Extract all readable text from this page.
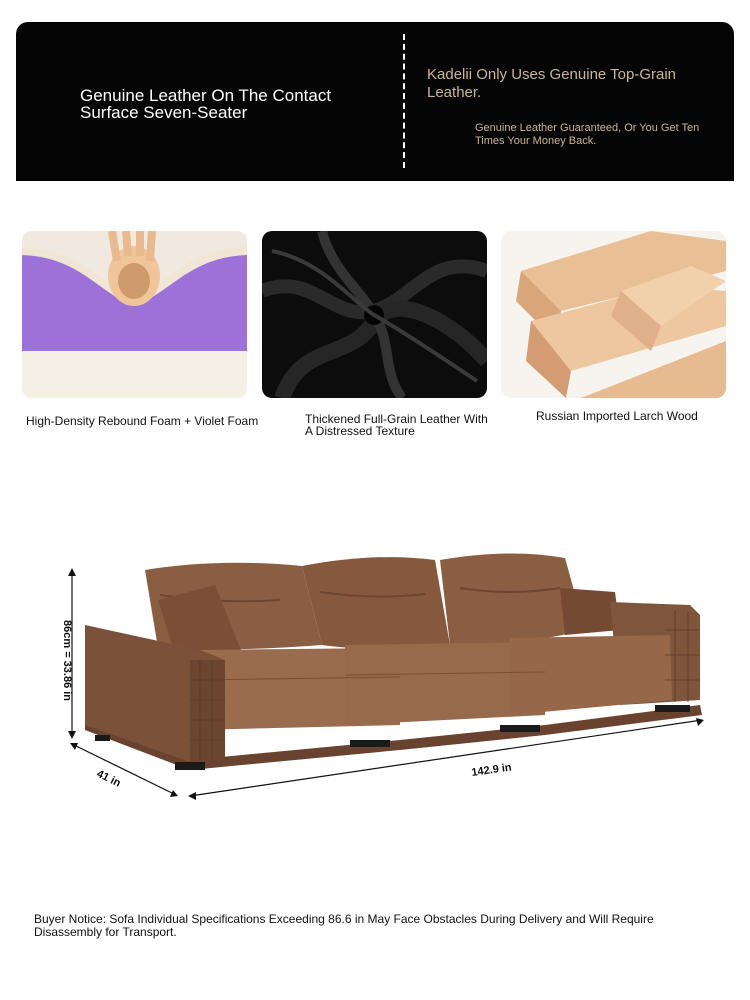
Genuine Leather On The Contact Surface Seven-Seater
Kadelii Only Uses Genuine Top-Grain Leather.
Genuine Leather Guaranteed, Or You Get Ten Times Your Money Back.
High-Density Rebound Foam + Violet Foam	Thickened Full-Grain Leather With A Distressed Texture
Russian Imported Larch Wood
86cm = 33.86 in
41 in	142.9 in
Buyer Notice: Sofa Individual Specifications Exceeding 86.6 in May Face Obstacles During Delivery and Will Require Disassembly for Transport.
